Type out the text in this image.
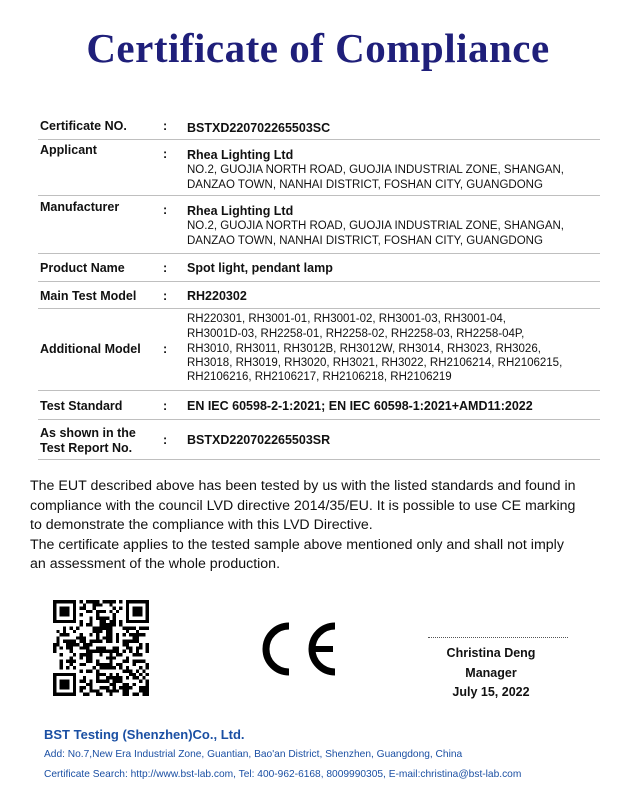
Certificate of Compliance
Certificate NO.	: BSTXD220702265503SC
Applicant	: Rhea Lighting Ltd
NO.2, GUOJIA NORTH ROAD, GUOJIA INDUSTRIAL ZONE, SHANGAN,
DANZAO TOWN, NANHAI DISTRICT, FOSHAN CITY, GUANGDONG
Manufacturer	: Rhea Lighting Ltd
NO.2, GUOJIA NORTH ROAD, GUOJIA INDUSTRIAL ZONE, SHANGAN,
DANZAO TOWN, NANHAI DISTRICT, FOSHAN CITY, GUANGDONG
Product Name	: Spot light, pendant lamp
Main Test Model : RH220302
Additional Model :
RH220301, RH3001-01, RH3001-02, RH3001-03, RH3001-04,
RH3001D-03, RH2258-01, RH2258-02, RH2258-03, RH2258-04P,
RH3010, RH3011, RH3012B, RH3012W, RH3014, RH3023, RH3026,
RH3018, RH3019, RH3020, RH3021, RH3022, RH2106214, RH2106215,
RH2106216, RH2106217, RH2106218, RH2106219
Test Standard	: EN IEC 60598-2-1:2021; EN IEC 60598-1:2021+AMD11:2022
As shown in the
Test Report No.
: BSTXD220702265503SR
The EUT described above has been tested by us with the listed standards and found in
compliance with the council LVD directive 2014/35/EU. It is possible to use CE marking
to demonstrate the compliance with this LVD Directive.
The certificate applies to the tested sample above mentioned only and shall not imply
an assessment of the whole production.
Christina Deng
Manager
July 15, 2022
BST Testing (Shenzhen)Co., Ltd.
Add: No.7,New Era Industrial Zone, Guantian, Bao'an District, Shenzhen, Guangdong, China
Certificate Search: http://www.bst-lab.com, Tel: 400-962-6168, 8009990305, E-mail:christina@bst-lab.com
